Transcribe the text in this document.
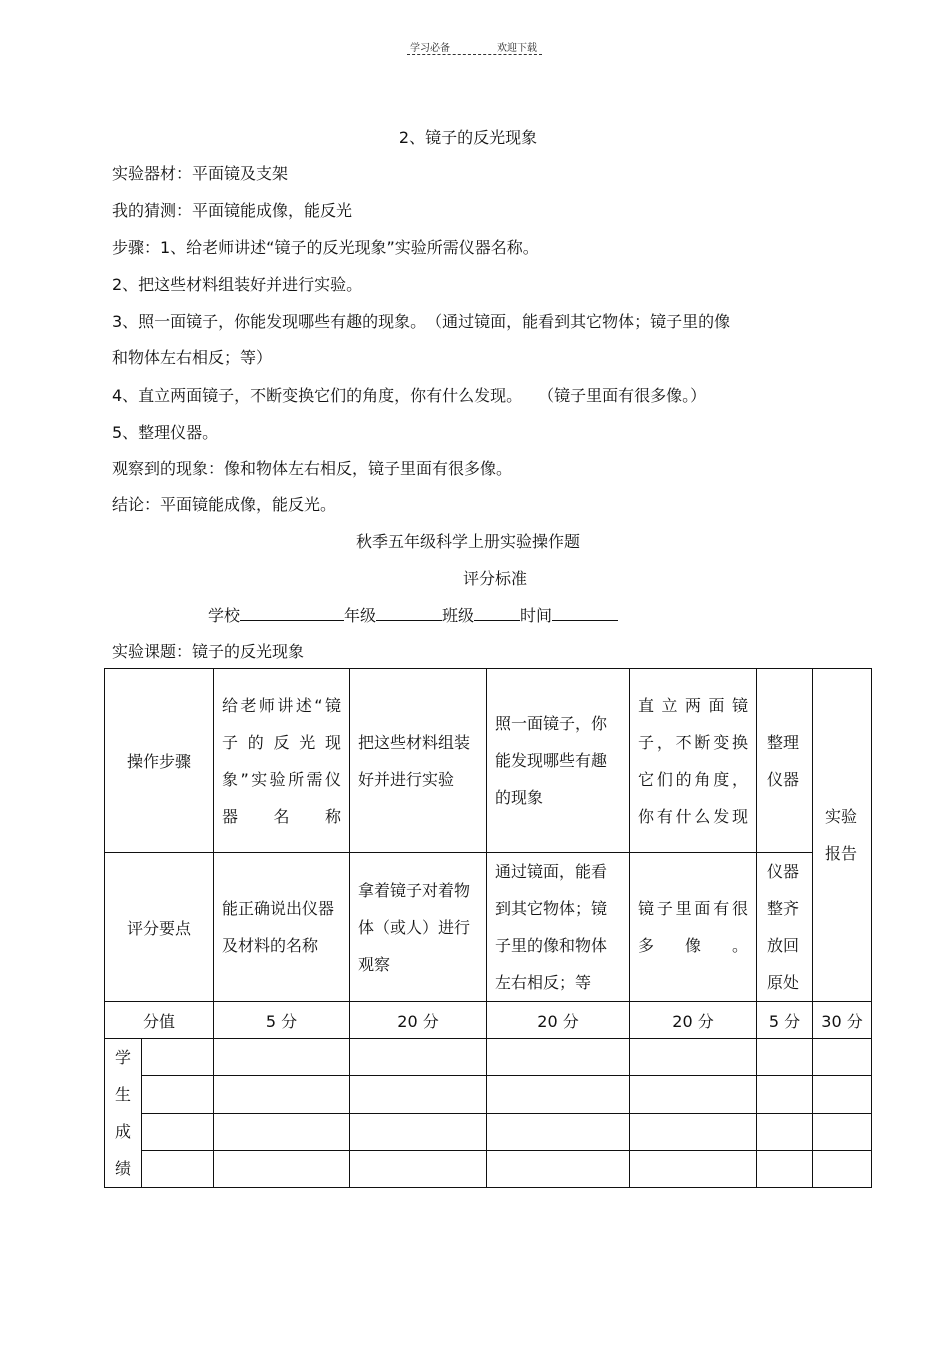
学习必备	欢迎下载
2、镜子的反光现象
实验器材：平面镜及支架
我的猜测：平面镜能成像，能反光
步骤：1、给老师讲述“镜子的反光现象”实验所需仪器名称。
2、把这些材料组装好并进行实验。
3、照一面镜子，你能发现哪些有趣的现象。　（通过镜面，能看到其它物体；镜子里的像
和物体左右相反；等）
4、直立两面镜子，不断变换它们的角度，你有什么发现。　　（镜子里面有很多像。）
5、整理仪器。
观察到的现象：像和物体左右相反，镜子里面有很多像。
结论：平面镜能成像，能反光。
秋季五年级科学上册实验操作题
评分标准
学校	年级	班级	时间
实验课题：镜子的反光现象
操作步骤		给老师讲述“镜子的反光现象”实验所需仪器名称	把这些材料组装好并进行实验	照一面镜子，你能发现哪些有趣的现象	直立两面镜子，不断变换它们的角度，你有什么发现	整理仪器	实验报告

评分要点		能正确说出仪器及材料的名称	拿着镜子对着物体（或人）进行观察	通过镜面，能看到其它物体；镜子里的像和物体左右相反；等	镜子里面有很多像。	仪器整齐放回原处	

分值		5 分	20 分	20 分	20 分	5 分	30 分

学
生
成
绩							
